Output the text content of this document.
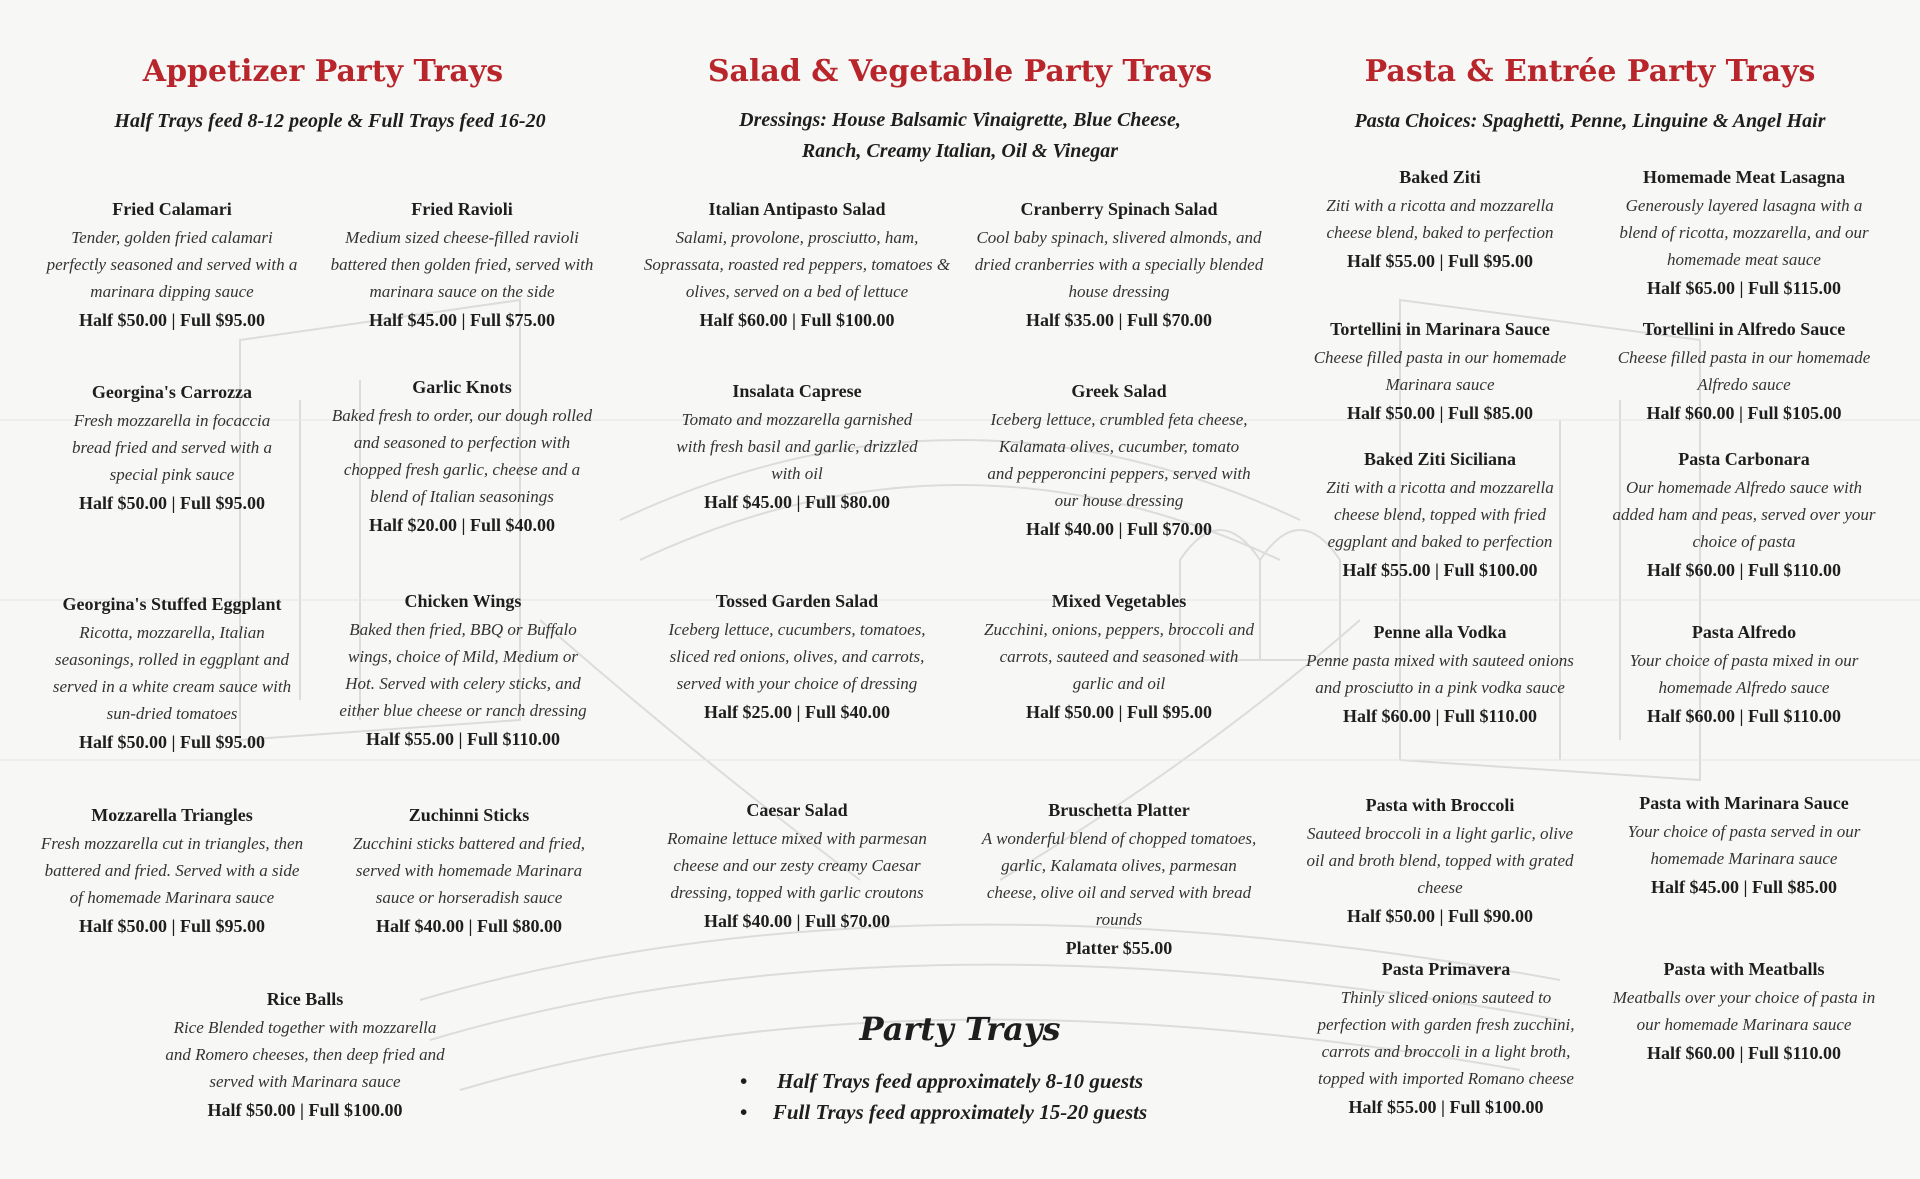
Appetizer Party Trays
Half Trays feed 8-12 people & Full Trays feed 16-20
Fried Calamari
Tender, golden fried calamari perfectly seasoned and served with a marinara dipping sauce
Half $50.00 | Full $95.00
Fried Ravioli
Medium sized cheese-filled ravioli battered then golden fried, served with marinara sauce on the side
Half $45.00 | Full $75.00
Georgina's Carrozza
Fresh mozzarella in focaccia bread fried and served with a special pink sauce
Half $50.00 | Full $95.00
Garlic Knots
Baked fresh to order, our dough rolled and seasoned to perfection with chopped fresh garlic, cheese and a blend of Italian seasonings
Half $20.00 | Full $40.00
Georgina's Stuffed Eggplant
Ricotta, mozzarella, Italian seasonings, rolled in eggplant and served in a white cream sauce with sun-dried tomatoes
Half $50.00 | Full $95.00
Chicken Wings
Baked then fried, BBQ or Buffalo wings, choice of Mild, Medium or Hot. Served with celery sticks, and either blue cheese or ranch dressing
Half $55.00 | Full $110.00
Mozzarella Triangles
Fresh mozzarella cut in triangles, then battered and fried. Served with a side of homemade Marinara sauce
Half $50.00 | Full $95.00
Zuchinni Sticks
Zucchini sticks battered and fried, served with homemade Marinara sauce or horseradish sauce
Half $40.00 | Full $80.00
Rice Balls
Rice Blended together with mozzarella and Romero cheeses, then deep fried and served with Marinara sauce
Half $50.00 | Full $100.00
Salad & Vegetable Party Trays
Dressings: House Balsamic Vinaigrette, Blue Cheese, Ranch, Creamy Italian, Oil & Vinegar
Italian Antipasto Salad
Salami, provolone, prosciutto, ham, Soprassata, roasted red peppers, tomatoes & olives, served on a bed of lettuce
Half $60.00 | Full $100.00
Cranberry Spinach Salad
Cool baby spinach, slivered almonds, and dried cranberries with a specially blended house dressing
Half $35.00 | Full $70.00
Insalata Caprese
Tomato and mozzarella garnished with fresh basil and garlic, drizzled with oil
Half $45.00 | Full $80.00
Greek Salad
Iceberg lettuce, crumbled feta cheese, Kalamata olives, cucumber, tomato and pepperoncini peppers, served with our house dressing
Half $40.00 | Full $70.00
Tossed Garden Salad
Iceberg lettuce, cucumbers, tomatoes, sliced red onions, olives, and carrots, served with your choice of dressing
Half $25.00 | Full $40.00
Mixed Vegetables
Zucchini, onions, peppers, broccoli and carrots, sauteed and seasoned with garlic and oil
Half $50.00 | Full $95.00
Caesar Salad
Romaine lettuce mixed with parmesan cheese and our zesty creamy Caesar dressing, topped with garlic croutons
Half $40.00 | Full $70.00
Bruschetta Platter
A wonderful blend of chopped tomatoes, garlic, Kalamata olives, parmesan cheese, olive oil and served with bread rounds
Platter $55.00
Party Trays
• Half Trays feed approximately 8-10 guests
• Full Trays feed approximately 15-20 guests
Pasta & Entrée Party Trays
Pasta Choices: Spaghetti, Penne, Linguine & Angel Hair
Baked Ziti
Ziti with a ricotta and mozzarella cheese blend, baked to perfection
Half $55.00 | Full $95.00
Homemade Meat Lasagna
Generously layered lasagna with a blend of ricotta, mozzarella, and our homemade meat sauce
Half $65.00 | Full $115.00
Tortellini in Marinara Sauce
Cheese filled pasta in our homemade Marinara sauce
Half $50.00 | Full $85.00
Tortellini in Alfredo Sauce
Cheese filled pasta in our homemade Alfredo sauce
Half $60.00 | Full $105.00
Baked Ziti Siciliana
Ziti with a ricotta and mozzarella cheese blend, topped with fried eggplant and baked to perfection
Half $55.00 | Full $100.00
Pasta Carbonara
Our homemade Alfredo sauce with added ham and peas, served over your choice of pasta
Half $60.00 | Full $110.00
Penne alla Vodka
Penne pasta mixed with sauteed onions and prosciutto in a pink vodka sauce
Half $60.00 | Full $110.00
Pasta Alfredo
Your choice of pasta mixed in our homemade Alfredo sauce
Half $60.00 | Full $110.00
Pasta with Broccoli
Sauteed broccoli in a light garlic, olive oil and broth blend, topped with grated cheese
Half $50.00 | Full $90.00
Pasta with Marinara Sauce
Your choice of pasta served in our homemade Marinara sauce
Half $45.00 | Full $85.00
Pasta Primavera
Thinly sliced onions sauteed to perfection with garden fresh zucchini, carrots and broccoli in a light broth, topped with imported Romano cheese
Half $55.00 | Full $100.00
Pasta with Meatballs
Meatballs over your choice of pasta in our homemade Marinara sauce
Half $60.00 | Full $110.00
